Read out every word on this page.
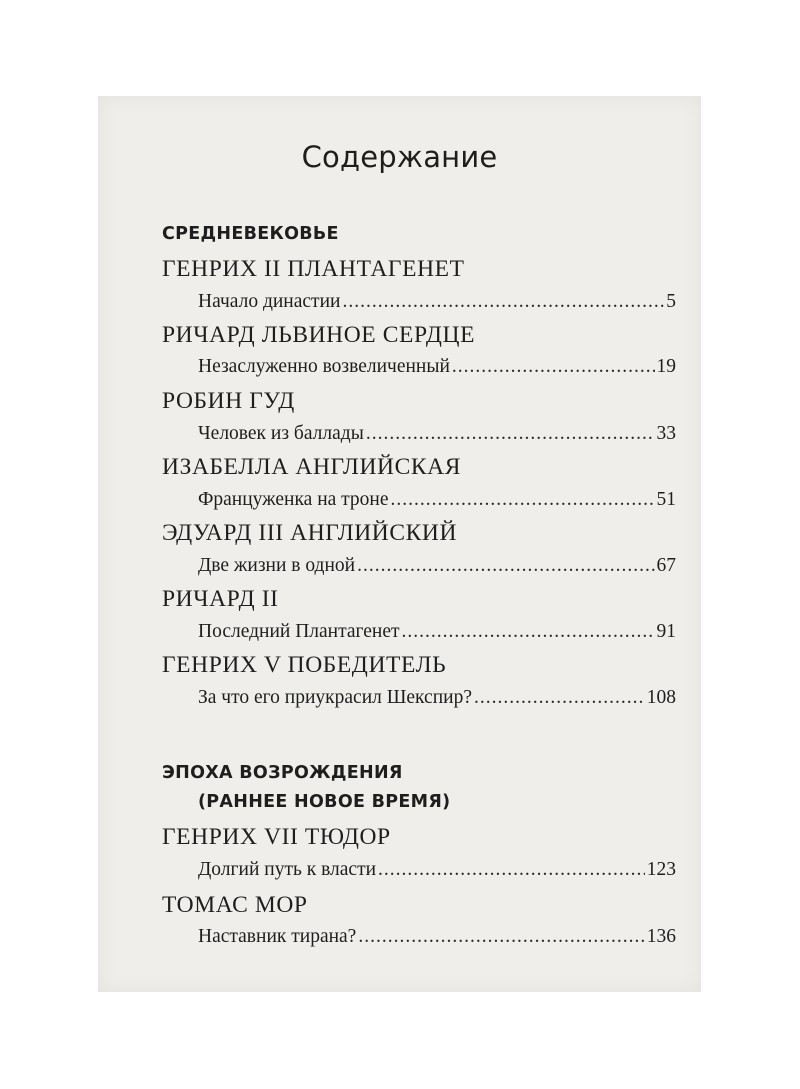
Содержание
СРЕДНЕВЕКОВЬЕ
ГЕНРИХ II ПЛАНТАГЕНЕТ
Начало династии .....	5
РИЧАРД ЛЬВИНОЕ СЕРДЦЕ
Незаслуженно возвеличенный .....	19
РОБИН ГУД
Человек из баллады .....	33
ИЗАБЕЛЛА АНГЛИЙСКАЯ
Француженка на троне .....	51
ЭДУАРД III АНГЛИЙСКИЙ
Две жизни в одной .....	67
РИЧАРД II
Последний Плантагенет .....	91
ГЕНРИХ V ПОБЕДИТЕЛЬ
За что его приукрасил Шекспир? .....	108
ЭПОХА ВОЗРОЖДЕНИЯ
(РАННЕЕ НОВОЕ ВРЕМЯ)
ГЕНРИХ VII ТЮДОР
Долгий путь к власти .....	123
ТОМАС МОР
Наставник тирана? .....	136
